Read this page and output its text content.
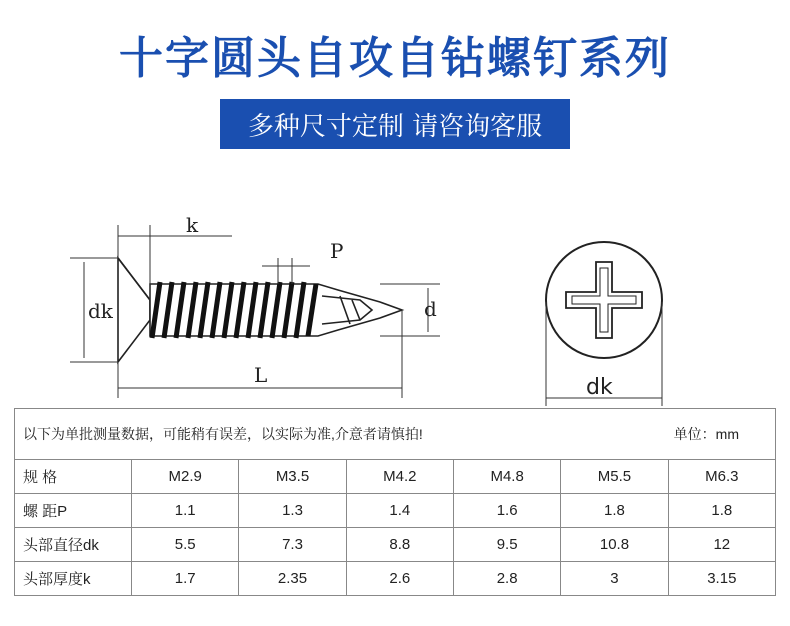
十字圆头自攻自钻螺钉系列
多种尺寸定制 请咨询客服
k
P
dk	d
L	dk
以下为单批测量数据，可能稍有误差，以实际为准,介意者请慎拍! 单位：mm						

规 格	M2.9	M3.5	M4.2	M4.8	M5.5	M6.3
螺 距P	1.1	1.3	1.4	1.6	1.8	1.8
头部直径dk	5.5	7.3	8.8	9.5	10.8	12
头部厚度k	1.7	2.35	2.6	2.8	3	3.15
